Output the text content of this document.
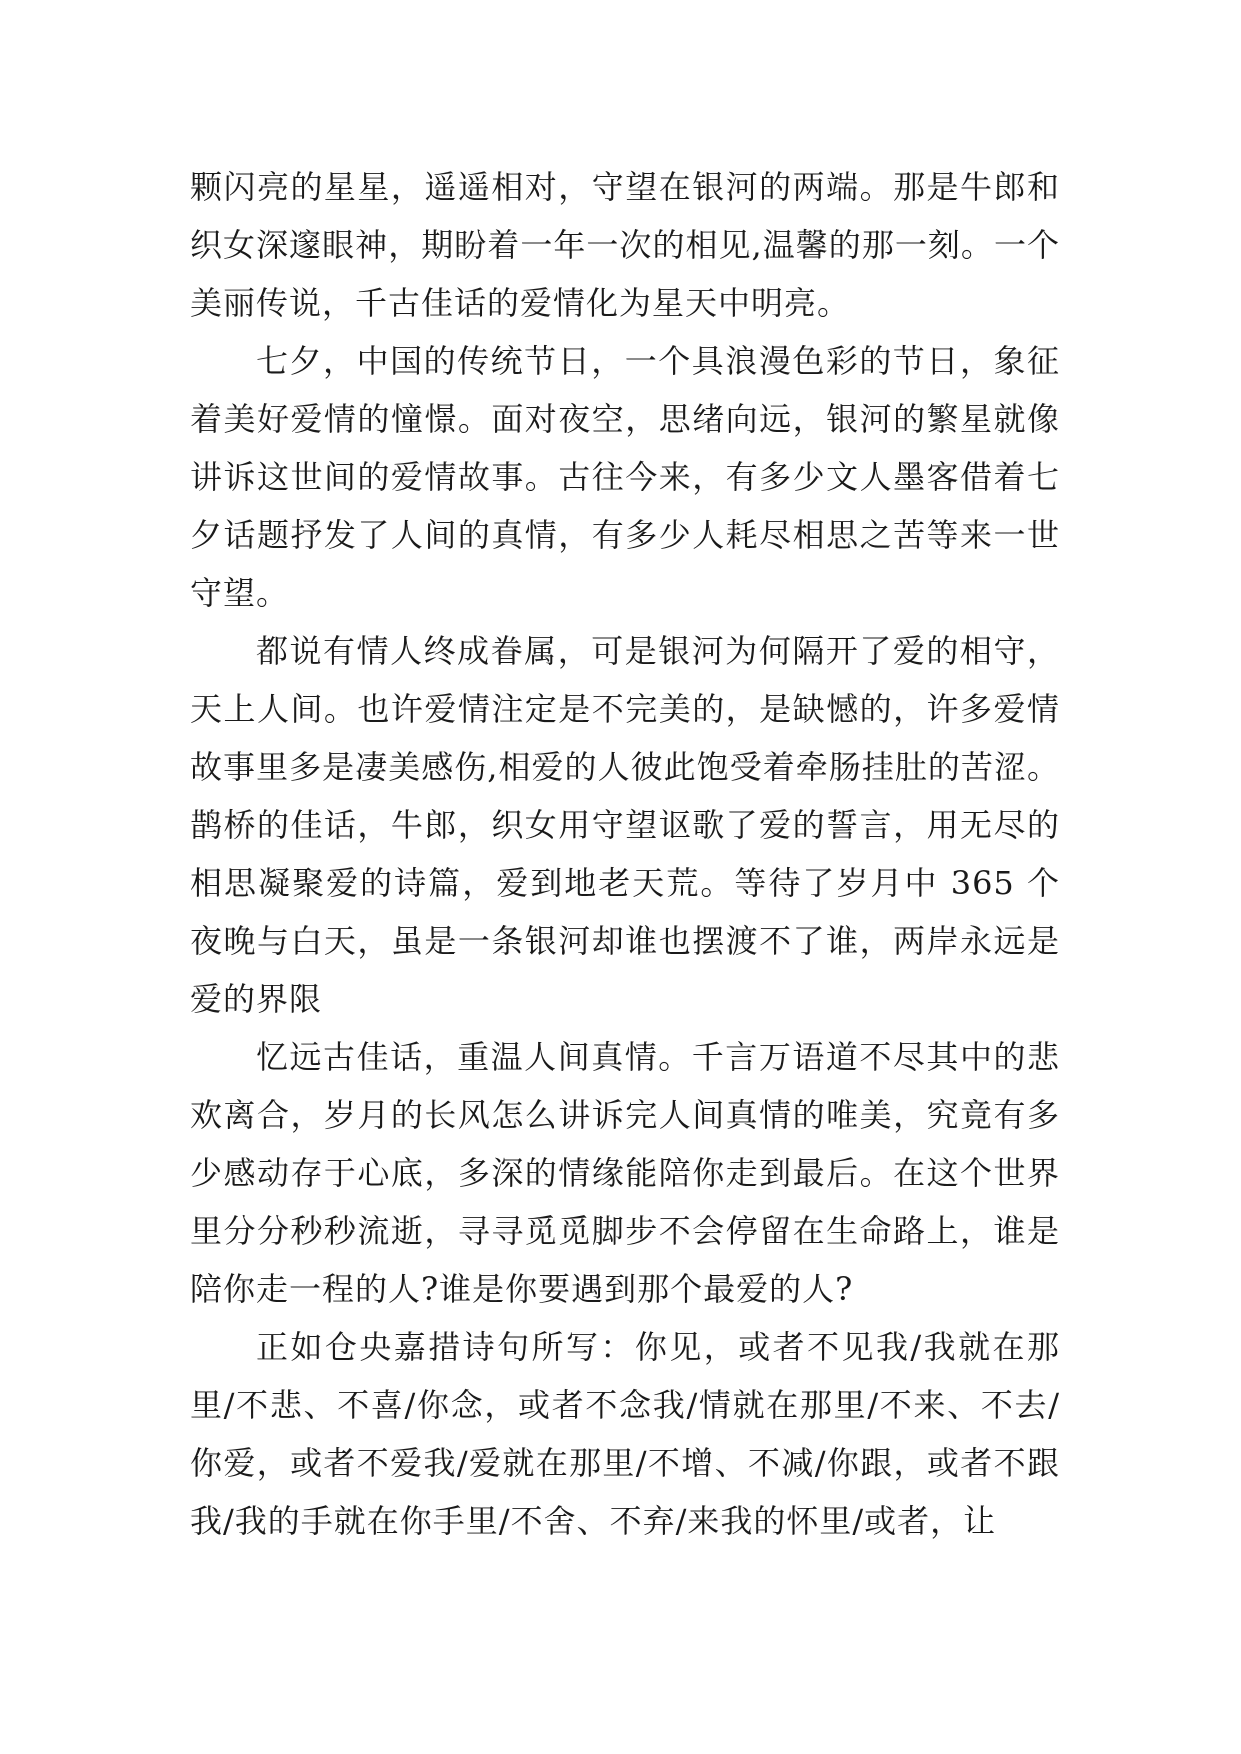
颗闪亮的星星，遥遥相对，守望在银河的两端。那是牛郎和织女深邃眼神，期盼着一年一次的相见,温馨的那一刻。一个美丽传说，千古佳话的爱情化为星天中明亮。

七夕，中国的传统节日，一个具浪漫色彩的节日，象征着美好爱情的憧憬。面对夜空，思绪向远，银河的繁星就像讲诉这世间的爱情故事。古往今来，有多少文人墨客借着七夕话题抒发了人间的真情，有多少人耗尽相思之苦等来一世守望。

都说有情人终成眷属，可是银河为何隔开了爱的相守，天上人间。也许爱情注定是不完美的，是缺憾的，许多爱情故事里多是凄美感伤,相爱的人彼此饱受着牵肠挂肚的苦涩。鹊桥的佳话，牛郎，织女用守望讴歌了爱的誓言，用无尽的相思凝聚爱的诗篇，爱到地老天荒。等待了岁月中 365 个夜晚与白天，虽是一条银河却谁也摆渡不了谁，两岸永远是爱的界限

忆远古佳话，重温人间真情。千言万语道不尽其中的悲欢离合，岁月的长风怎么讲诉完人间真情的唯美，究竟有多少感动存于心底，多深的情缘能陪你走到最后。在这个世界里分分秒秒流逝，寻寻觅觅脚步不会停留在生命路上，谁是陪你走一程的人?谁是你要遇到那个最爱的人?

正如仓央嘉措诗句所写：你见，或者不见我/我就在那里/不悲、不喜/你念，或者不念我/情就在那里/不来、不去/你爱，或者不爱我/爱就在那里/不增、不减/你跟，或者不跟我/我的手就在你手里/不舍、不弃/来我的怀里/或者，让
